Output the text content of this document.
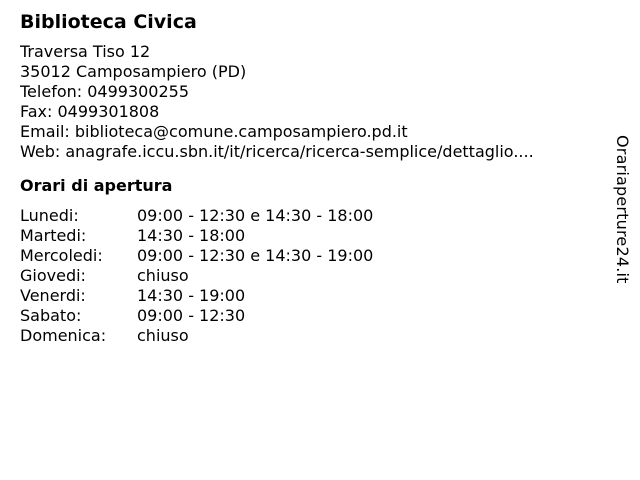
Biblioteca Civica
Traversa Tiso 12
35012 Camposampiero (PD)
Telefon: 0499300255
Fax: 0499301808
Email: biblioteca@comune.camposampiero.pd.it
Web: anagrafe.iccu.sbn.it/it/ricerca/ricerca-semplice/dettaglio....
Orari di apertura
Lunedi:	09:00 - 12:30 e 14:30 - 18:00
Martedi:	14:30 - 18:00
Mercoledi:	09:00 - 12:30 e 14:30 - 19:00
Giovedi:	chiuso
Venerdi:	14:30 - 19:00
Sabato:	09:00 - 12:30
Domenica:	chiuso
Orariaperture24.it
